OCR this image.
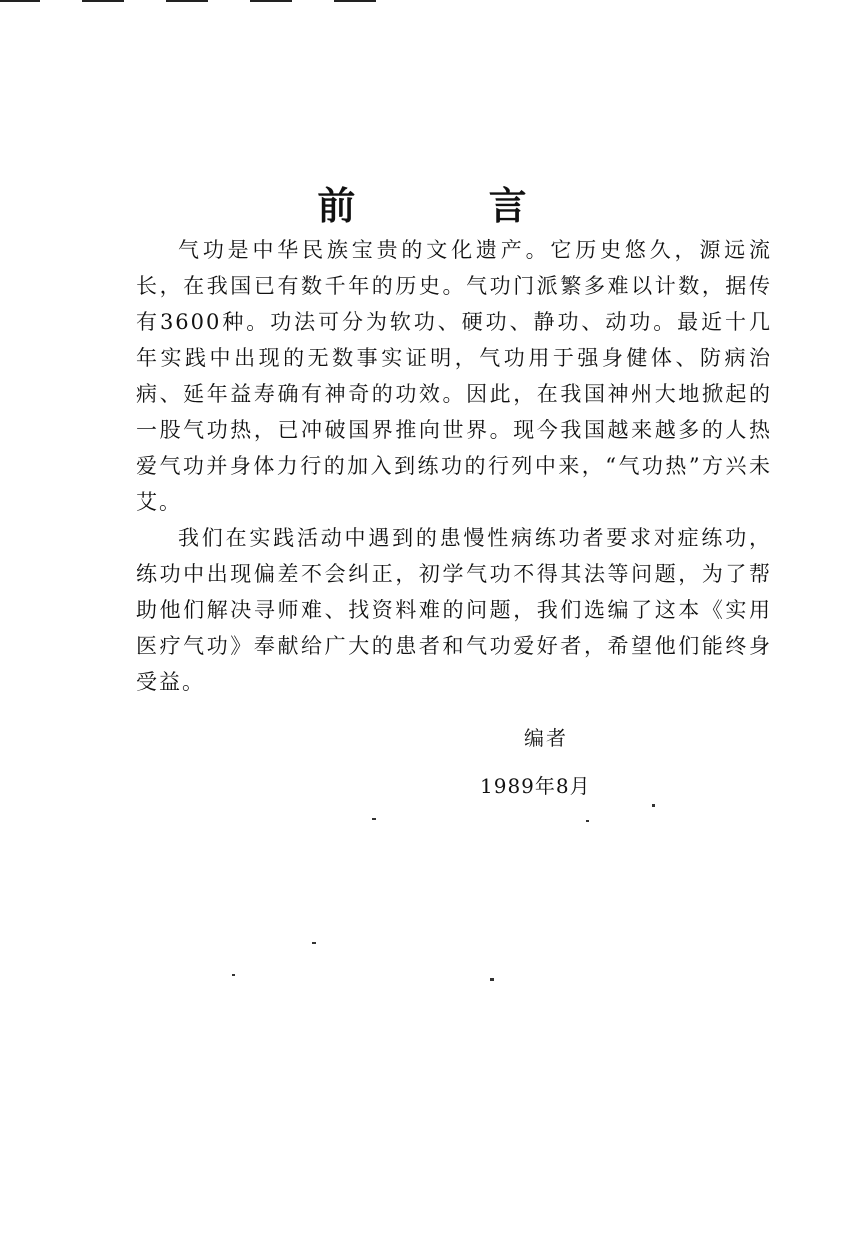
前 言

气功是中华民族宝贵的文化遗产。它历史悠久，源远流长，在我国已有数千年的历史。气功门派繁多难以计数，据传有3600种。功法可分为软功、硬功、静功、动功。最近十几年实践中出现的无数事实证明，气功用于强身健体、防病治病、延年益寿确有神奇的功效。因此，在我国神州大地掀起的一股气功热，已冲破国界推向世界。现今我国越来越多的人热爱气功并身体力行的加入到练功的行列中来，“气功热”方兴未艾。

我们在实践活动中遇到的患慢性病练功者要求对症练功，练功中出现偏差不会纠正，初学气功不得其法等问题，为了帮助他们解决寻师难、找资料难的问题，我们选编了这本《实用医疗气功》奉献给广大的患者和气功爱好者，希望他们能终身受益。

编者
1989年8月
